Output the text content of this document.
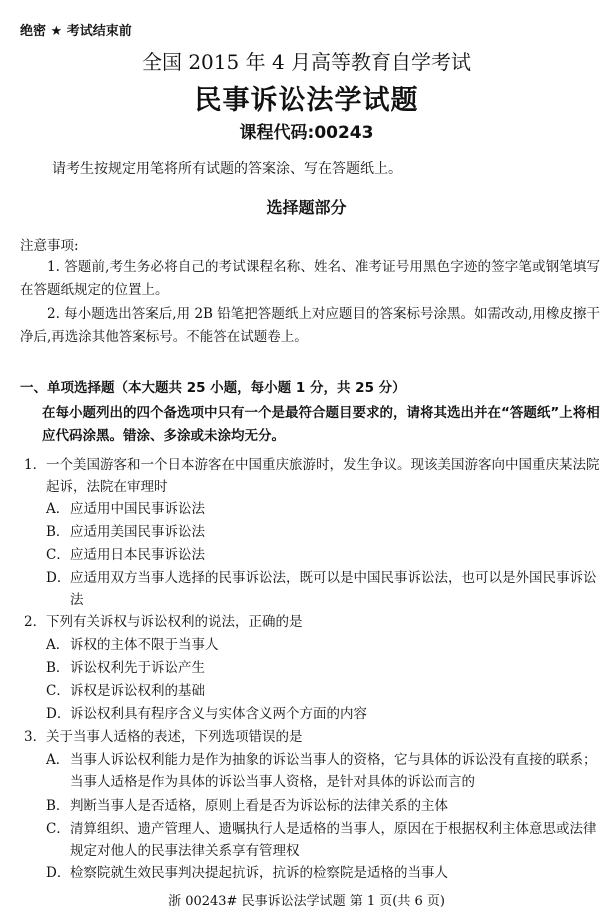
绝密 ★ 考试结束前
全国 2015 年 4 月高等教育自学考试
民事诉讼法学试题
课程代码:00243
请考生按规定用笔将所有试题的答案涂、写在答题纸上。
选择题部分
注意事项:
1. 答题前,考生务必将自己的考试课程名称、姓名、准考证号用黑色字迹的签字笔或钢笔填写在答题纸规定的位置上。
2. 每小题选出答案后,用 2B 铅笔把答题纸上对应题目的答案标号涂黑。如需改动,用橡皮擦干净后,再选涂其他答案标号。不能答在试题卷上。
一、单项选择题（本大题共 25 小题，每小题 1 分，共 25 分）
在每小题列出的四个备选项中只有一个是最符合题目要求的，请将其选出并在“答题纸”上将相应代码涂黑。错涂、多涂或未涂均无分。
1． 一个美国游客和一个日本游客在中国重庆旅游时，发生争议。现该美国游客向中国重庆某法院起诉，法院在审理时
A． 应适用中国民事诉讼法
B． 应适用美国民事诉讼法
C． 应适用日本民事诉讼法
D． 应适用双方当事人选择的民事诉讼法，既可以是中国民事诉讼法，也可以是外国民事诉讼法
2． 下列有关诉权与诉讼权利的说法，正确的是
A． 诉权的主体不限于当事人
B． 诉讼权利先于诉讼产生
C． 诉权是诉讼权利的基础
D． 诉讼权利具有程序含义与实体含义两个方面的内容
3． 关于当事人适格的表述，下列选项错误的是
A． 当事人诉讼权利能力是作为抽象的诉讼当事人的资格，它与具体的诉讼没有直接的联系；当事人适格是作为具体的诉讼当事人资格，是针对具体的诉讼而言的
B． 判断当事人是否适格，原则上看是否为诉讼标的法律关系的主体
C． 清算组织、遗产管理人、遗嘱执行人是适格的当事人，原因在于根据权利主体意思或法律规定对他人的民事法律关系享有管理权
D． 检察院就生效民事判决提起抗诉，抗诉的检察院是适格的当事人
浙 00243# 民事诉讼法学试题 第 1 页(共 6 页)
